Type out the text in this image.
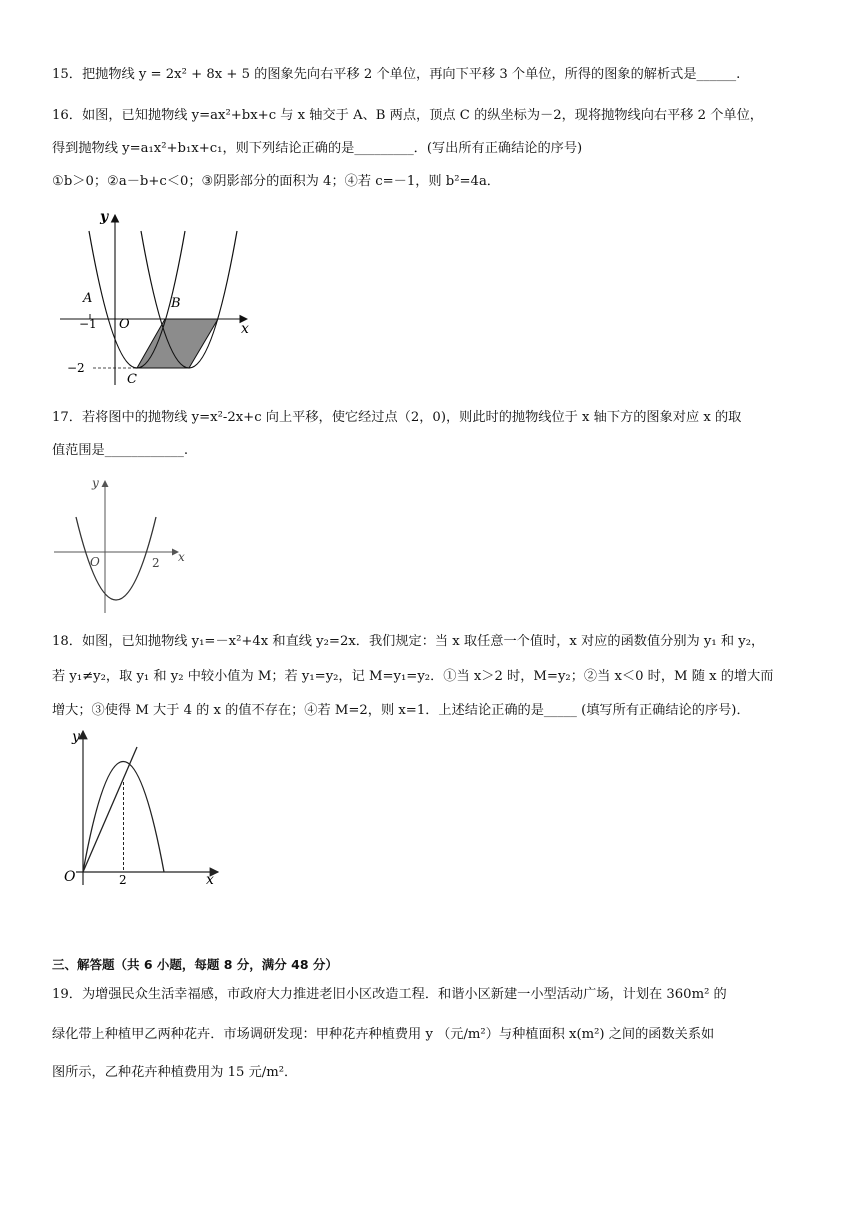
15．把抛物线 y = 2x² + 8x + 5 的图象先向右平移 2 个单位，再向下平移 3 个单位，所得的图象的解析式是______.
16．如图，已知抛物线 y=ax²+bx+c 与 x 轴交于 A、B 两点，顶点 C 的纵坐标为－2，现将抛物线向右平移 2 个单位，
得到抛物线 y=a₁x²+b₁x+c₁，则下列结论正确的是_________．(写出所有正确结论的序号)
①b＞0；②a－b+c＜0；③阴影部分的面积为 4；④若 c=－1，则 b²=4a．
y
x
A	B
C
O
−1
−2
17．若将图中的抛物线 y=x²-2x+c 向上平移，使它经过点（2，0)，则此时的抛物线位于 x 轴下方的图象对应 x 的取
值范围是____________.
y
x
O	2
18．如图，已知抛物线 y₁=－x²+4x 和直线 y₂=2x．我们规定：当 x 取任意一个值时，x 对应的函数值分别为 y₁ 和 y₂，
若 y₁≠y₂，取 y₁ 和 y₂ 中较小值为 M；若 y₁=y₂，记 M=y₁=y₂．①当 x＞2 时，M=y₂；②当 x＜0 时，M 随 x 的增大而
增大；③使得 M 大于 4 的 x 的值不存在；④若 M=2，则 x=1．上述结论正确的是_____ (填写所有正确结论的序号)．
y
x
O	2
三、解答题（共 6 小题，每题 8 分，满分 48 分）
19．为增强民众生活幸福感，市政府大力推进老旧小区改造工程．和谐小区新建一小型活动广场，计划在 360m² 的
绿化带上种植甲乙两种花卉．市场调研发现：甲种花卉种植费用 y （元/m²）与种植面积 x(m²) 之间的函数关系如
图所示，乙种花卉种植费用为 15 元/m²．
